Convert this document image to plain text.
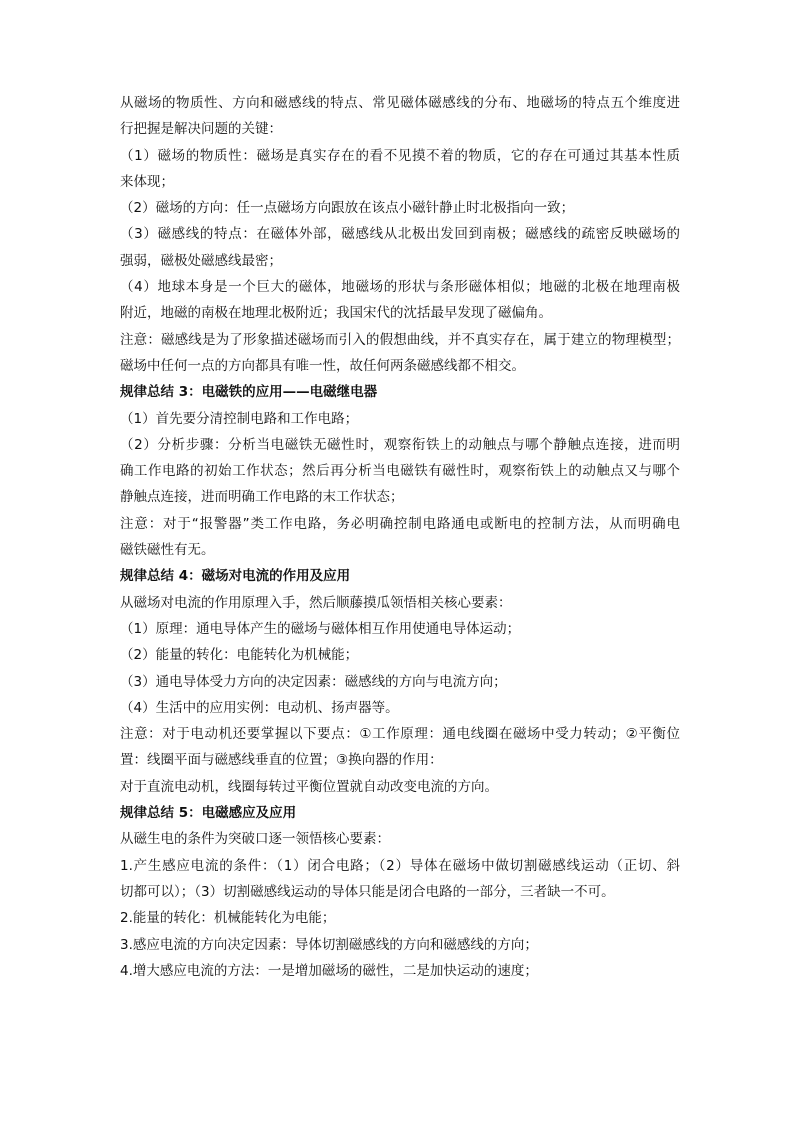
从磁场的物质性、方向和磁感线的特点、常见磁体磁感线的分布、地磁场的特点五个维度进
行把握是解决问题的关键：
（1）磁场的物质性：磁场是真实存在的看不见摸不着的物质，它的存在可通过其基本性质
来体现；
（2）磁场的方向：任一点磁场方向跟放在该点小磁针静止时北极指向一致；
（3）磁感线的特点：在磁体外部，磁感线从北极出发回到南极；磁感线的疏密反映磁场的
强弱，磁极处磁感线最密；
（4）地球本身是一个巨大的磁体，地磁场的形状与条形磁体相似；地磁的北极在地理南极
附近，地磁的南极在地理北极附近；我国宋代的沈括最早发现了磁偏角。
注意：磁感线是为了形象描述磁场而引入的假想曲线，并不真实存在，属于建立的物理模型；
磁场中任何一点的方向都具有唯一性，故任何两条磁感线都不相交。
规律总结 3：电磁铁的应用——电磁继电器
（1）首先要分清控制电路和工作电路；
（2）分析步骤：分析当电磁铁无磁性时，观察衔铁上的动触点与哪个静触点连接，进而明
确工作电路的初始工作状态；然后再分析当电磁铁有磁性时，观察衔铁上的动触点又与哪个
静触点连接，进而明确工作电路的末工作状态；
注意：对于“报警器”类工作电路，务必明确控制电路通电或断电的控制方法，从而明确电
磁铁磁性有无。
规律总结 4：磁场对电流的作用及应用
从磁场对电流的作用原理入手，然后顺藤摸瓜领悟相关核心要素：
（1）原理：通电导体产生的磁场与磁体相互作用使通电导体运动；
（2）能量的转化：电能转化为机械能；
（3）通电导体受力方向的决定因素：磁感线的方向与电流方向；
（4）生活中的应用实例：电动机、扬声器等。
注意：对于电动机还要掌握以下要点：①工作原理：通电线圈在磁场中受力转动；②平衡位
置：线圈平面与磁感线垂直的位置；③换向器的作用：
对于直流电动机，线圈每转过平衡位置就自动改变电流的方向。
规律总结 5：电磁感应及应用
从磁生电的条件为突破口逐一领悟核心要素：
1.产生感应电流的条件：（1）闭合电路；（2）导体在磁场中做切割磁感线运动（正切、斜
切都可以）；（3）切割磁感线运动的导体只能是闭合电路的一部分，三者缺一不可。
2.能量的转化：机械能转化为电能；
3.感应电流的方向决定因素：导体切割磁感线的方向和磁感线的方向；
4.增大感应电流的方法：一是增加磁场的磁性，二是加快运动的速度；
